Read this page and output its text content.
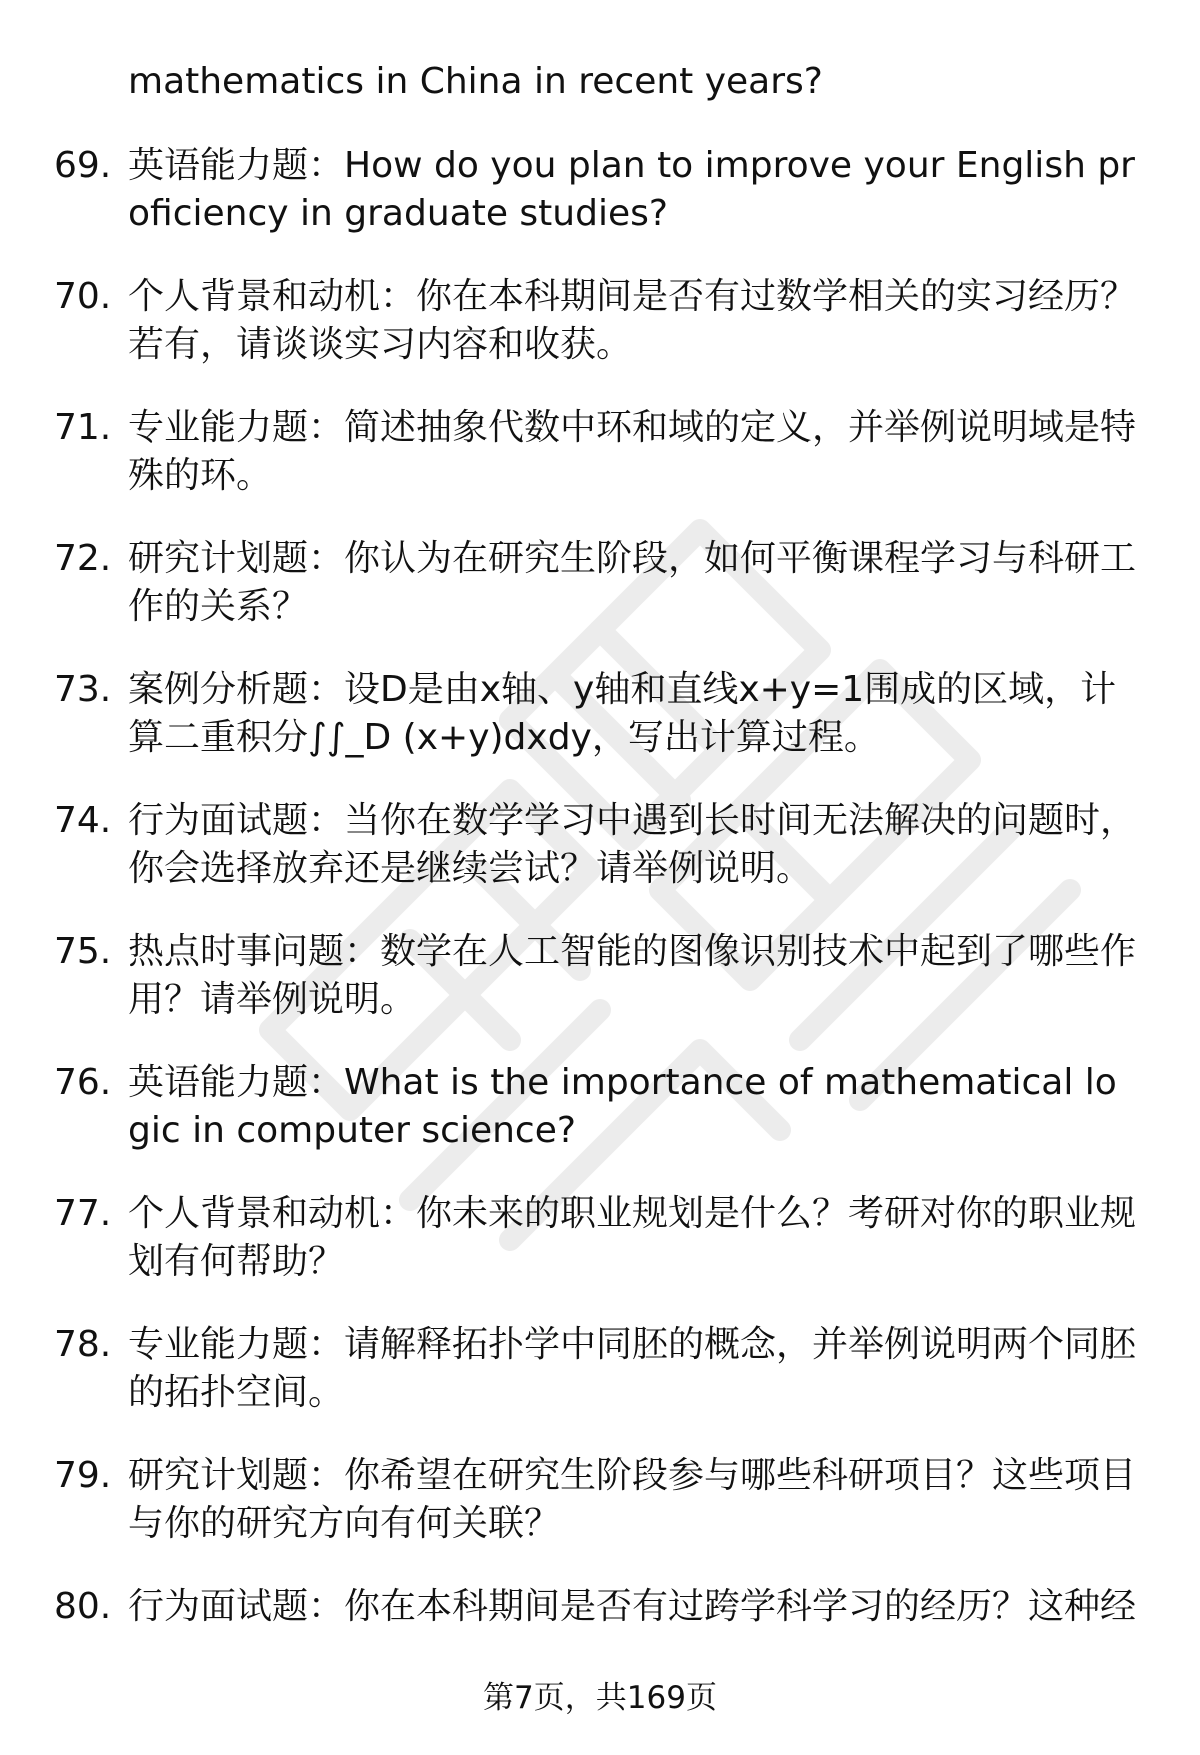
mathematics in China in recent years?
69. 英语能力题：How do you plan to improve your English proficiency in graduate studies?
70. 个人背景和动机：你在本科期间是否有过数学相关的实习经历？若有，请谈谈实习内容和收获。
71. 专业能力题：简述抽象代数中环和域的定义，并举例说明域是特殊的环。
72. 研究计划题：你认为在研究生阶段，如何平衡课程学习与科研工作的关系？
73. 案例分析题：设D是由x轴、y轴和直线x+y=1围成的区域，计算二重积分∫∫_D (x+y)dxdy，写出计算过程。
74. 行为面试题：当你在数学学习中遇到长时间无法解决的问题时，你会选择放弃还是继续尝试？请举例说明。
75. 热点时事问题：数学在人工智能的图像识别技术中起到了哪些作用？请举例说明。
76. 英语能力题：What is the importance of mathematical logic in computer science?
77. 个人背景和动机：你未来的职业规划是什么？考研对你的职业规划有何帮助？
78. 专业能力题：请解释拓扑学中同胚的概念，并举例说明两个同胚的拓扑空间。
79. 研究计划题：你希望在研究生阶段参与哪些科研项目？这些项目与你的研究方向有何关联？
80. 行为面试题：你在本科期间是否有过跨学科学习的经历？这种经
第7页，共169页
